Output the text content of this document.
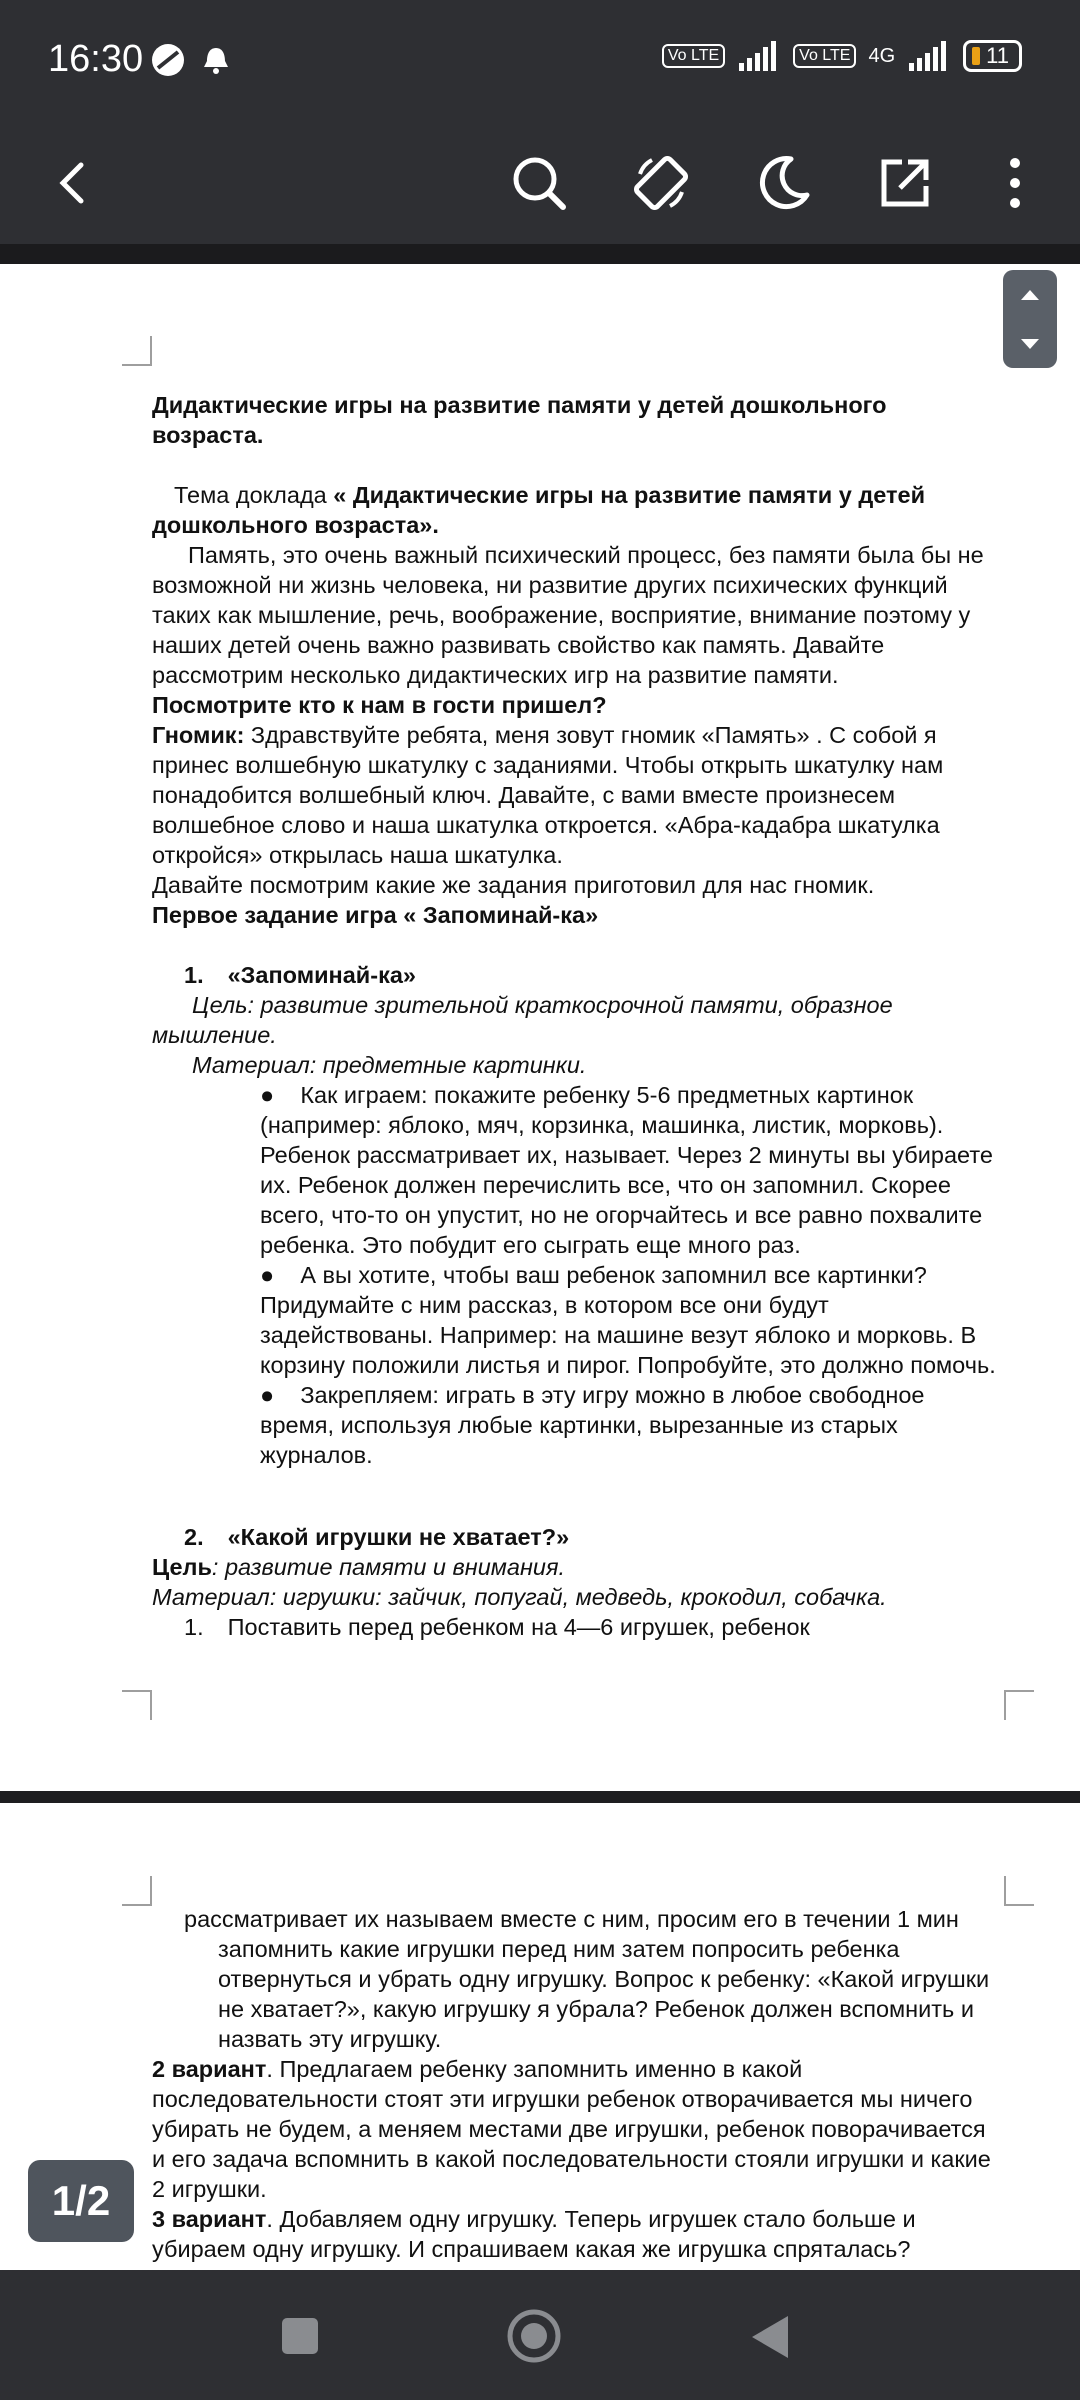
16:30	Vo LTE	Vo LTE 4G	11

Дидактические игры на развитие памяти у детей дошкольного возраста.

Тема доклада « Дидактические игры на развитие памяти у детей дошкольного возраста».

Память, это очень важный психический процесс, без памяти была бы не возможной ни жизнь человека, ни развитие других психических функций таких как мышление, речь, воображение, восприятие, внимание поэтому у наших детей очень важно развивать свойство как память. Давайте рассмотрим несколько дидактических игр на развитие памяти.

Посмотрите кто к нам в гости пришел?

Гномик: Здравствуйте ребята, меня зовут гномик «Память» . С собой я принес волшебную шкатулку с заданиями. Чтобы открыть шкатулку нам понадобится волшебный ключ. Давайте, с вами вместе произнесем волшебное слово и наша шкатулка откроется. «Абра-кадабра шкатулка откройся» открылась наша шкатулка.

Давайте посмотрим какие же задания приготовил для нас гномик.

Первое задание игра « Запоминай-ка»

1. «Запоминай-ка»

Цель: развитие зрительной краткосрочной памяти, образное мышление.

Материал: предметные картинки.

●    Как играем: покажите ребенку 5-6 предметных картинок (например: яблоко, мяч, корзинка, машинка, листик, морковь). Ребенок рассматривает их, называет. Через 2 минуты вы убираете их. Ребенок должен перечислить все, что он запомнил. Скорее всего, что-то он упустит, но не огорчайтесь и все равно похвалите ребенка. Это побудит его сыграть еще много раз.

●    А вы хотите, чтобы ваш ребенок запомнил все картинки? Придумайте с ним рассказ, в котором все они будут задействованы. Например: на машине везут яблоко и морковь. В корзину положили листья и пирог. Попробуйте, это должно помочь.

●    Закрепляем: играть в эту игру можно в любое свободное время, используя любые картинки, вырезанные из старых журналов.

2. «Какой игрушки не хватает?»

Цель: развитие памяти и внимания.

Материал: игрушки: зайчик, попугай, медведь, крокодил, собачка.

1. Поставить перед ребенком на 4—6 игрушек, ребенок

рассматривает их называем вместе с ним, просим его в течении 1 мин

запомнить какие игрушки перед ним затем попросить ребенка отвернуться и убрать одну игрушку. Вопрос к ребенку: «Какой игрушки не хватает?», какую игрушку я убрала? Ребенок должен вспомнить и назвать эту игрушку.

2 вариант. Предлагаем ребенку запомнить именно в какой последовательности стоят эти игрушки ребенок отворачивается мы ничего убирать не будем, а меняем местами две игрушки, ребенок поворачивается и его задача вспомнить в какой последовательности стояли игрушки и какие 2 игрушки.

3 вариант. Добавляем одну игрушку. Теперь игрушек стало больше и убираем одну игрушку. И спрашиваем какая же игрушка спряталась?

1/2
